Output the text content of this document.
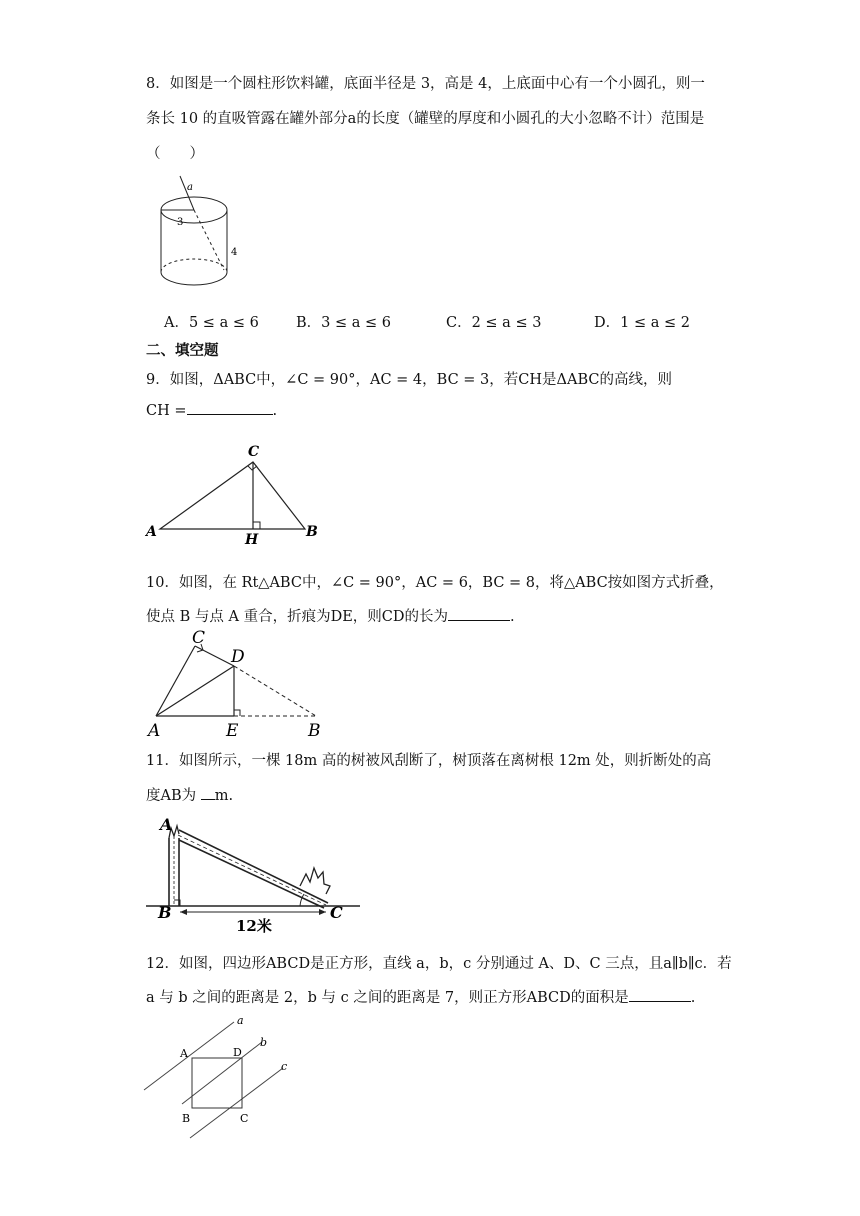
8．如图是一个圆柱形饮料罐，底面半径是 3，高是 4，上底面中心有一个小圆孔，则一
条长 10 的直吸管露在罐外部分a的长度（罐壁的厚度和小圆孔的大小忽略不计）范围是
（　　）
a
3
4
A．5 ≤ a ≤ 6	B．3 ≤ a ≤ 6	C．2 ≤ a ≤ 3	D．1 ≤ a ≤ 2
二、填空题
9．如图，ΔABC中，∠C = 90°，AC = 4，BC = 3，若CH是ΔABC的高线，则
CH =	.
A
C
H	B
10．如图，在 Rt△ABC中，∠C = 90°，AC = 6，BC = 8，将△ABC按如图方式折叠，
使点 B 与点 A 重合，折痕为DE，则CD的长为	.
C
D
A	E	B
11．如图所示，一棵 18m 高的树被风刮断了，树顶落在离树根 12m 处，则折断处的高
度AB为 m.
A
B	C
12米
12．如图，四边形ABCD是正方形，直线 a，b，c 分别通过 A、D、C 三点，且a∥b∥c．若
a 与 b 之间的距离是 2，b 与 c 之间的距离是 7，则正方形ABCD的面积是	.
a
b
c
A	D
B	C
